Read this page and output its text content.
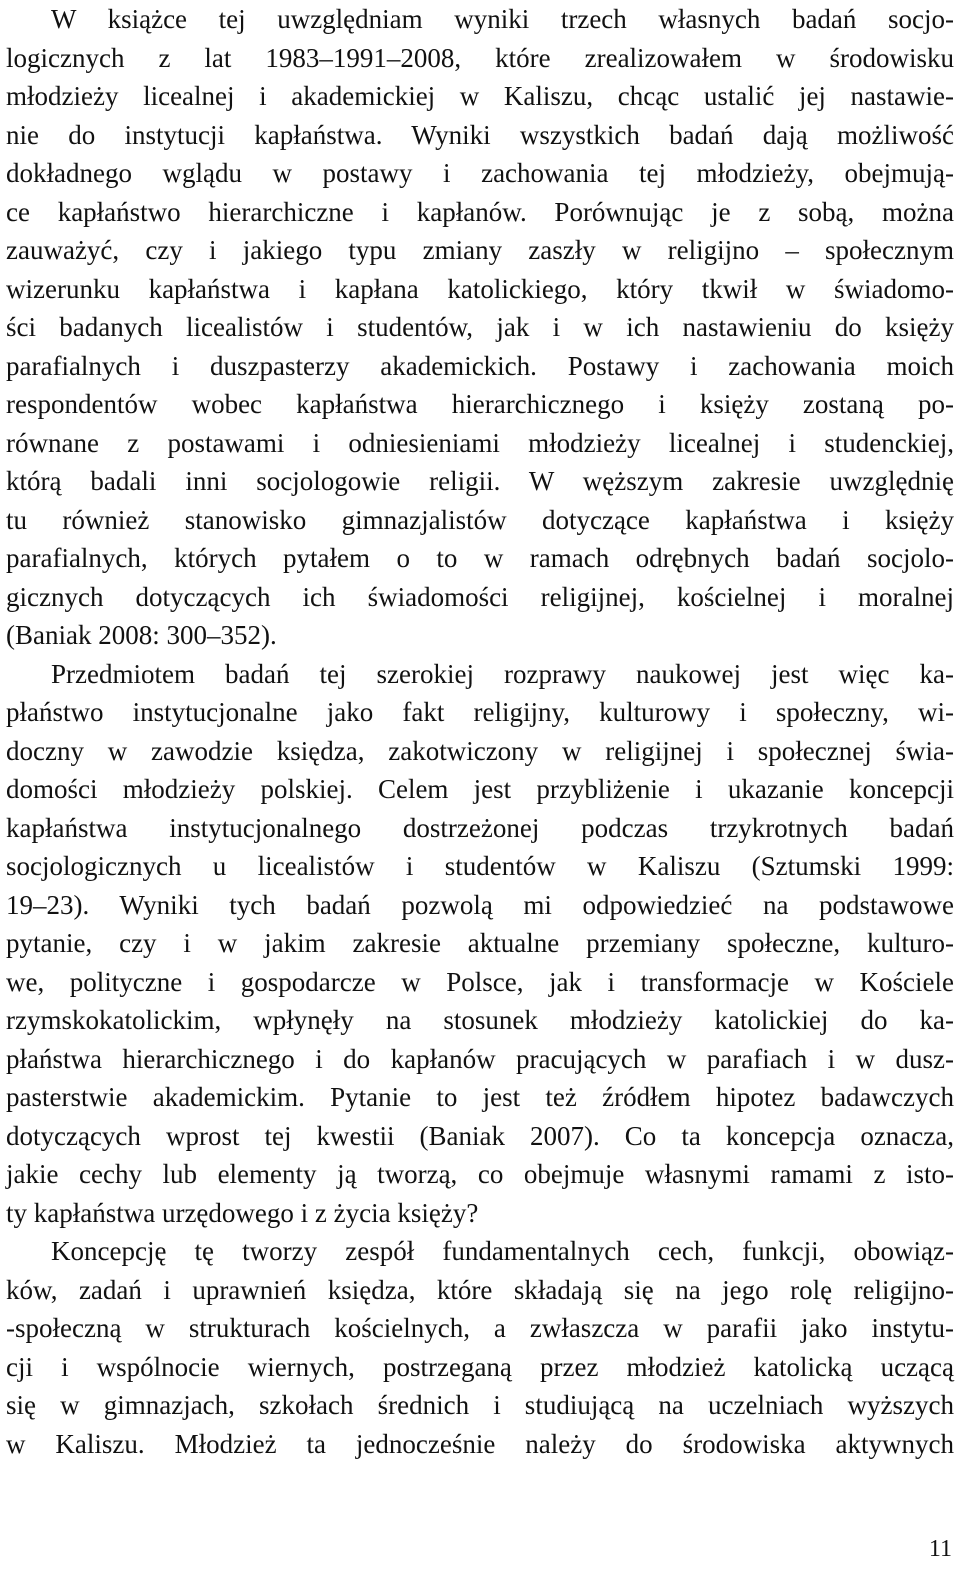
W książce tej uwzględniam wyniki trzech własnych badań socjo-
logicznych z lat 1983–1991–2008, które zrealizowałem w środowisku
młodzieży licealnej i akademickiej w Kaliszu, chcąc ustalić jej nastawie-
nie do instytucji kapłaństwa. Wyniki wszystkich badań dają możliwość
dokładnego wglądu w postawy i zachowania tej młodzieży, obejmują-
ce kapłaństwo hierarchiczne i kapłanów. Porównując je z sobą, można
zauważyć, czy i jakiego typu zmiany zaszły w religijno – społecznym
wizerunku kapłaństwa i kapłana katolickiego, który tkwił w świadomo-
ści badanych licealistów i studentów, jak i w ich nastawieniu do księży
parafialnych i duszpasterzy akademickich. Postawy i zachowania moich
respondentów wobec kapłaństwa hierarchicznego i księży zostaną po-
równane z postawami i odniesieniami młodzieży licealnej i studenckiej,
którą badali inni socjologowie religii. W węższym zakresie uwzględnię
tu również stanowisko gimnazjalistów dotyczące kapłaństwa i księży
parafialnych, których pytałem o to w ramach odrębnych badań socjolo-
gicznych dotyczących ich świadomości religijnej, kościelnej i moralnej
(Baniak 2008: 300–352).
Przedmiotem badań tej szerokiej rozprawy naukowej jest więc ka-
płaństwo instytucjonalne jako fakt religijny, kulturowy i społeczny, wi-
doczny w zawodzie księdza, zakotwiczony w religijnej i społecznej świa-
domości młodzieży polskiej. Celem jest przybliżenie i ukazanie koncepcji
kapłaństwa instytucjonalnego dostrzeżonej podczas trzykrotnych badań
socjologicznych u licealistów i studentów w Kaliszu (Sztumski 1999:
19–23). Wyniki tych badań pozwolą mi odpowiedzieć na podstawowe
pytanie, czy i w jakim zakresie aktualne przemiany społeczne, kulturo-
we, polityczne i gospodarcze w Polsce, jak i transformacje w Kościele
rzymskokatolickim, wpłynęły na stosunek młodzieży katolickiej do ka-
płaństwa hierarchicznego i do kapłanów pracujących w parafiach i w dusz-
pasterstwie akademickim. Pytanie to jest też źródłem hipotez badawczych
dotyczących wprost tej kwestii (Baniak 2007). Co ta koncepcja oznacza,
jakie cechy lub elementy ją tworzą, co obejmuje własnymi ramami z isto-
ty kapłaństwa urzędowego i z życia księży?
Koncepcję tę tworzy zespół fundamentalnych cech, funkcji, obowiąz-
ków, zadań i uprawnień księdza, które składają się na jego rolę religijno-
-społeczną w strukturach kościelnych, a zwłaszcza w parafii jako instytu-
cji i wspólnocie wiernych, postrzeganą przez młodzież katolicką uczącą
się w gimnazjach, szkołach średnich i studiującą na uczelniach wyższych
w Kaliszu. Młodzież ta jednocześnie należy do środowiska aktywnych
11
